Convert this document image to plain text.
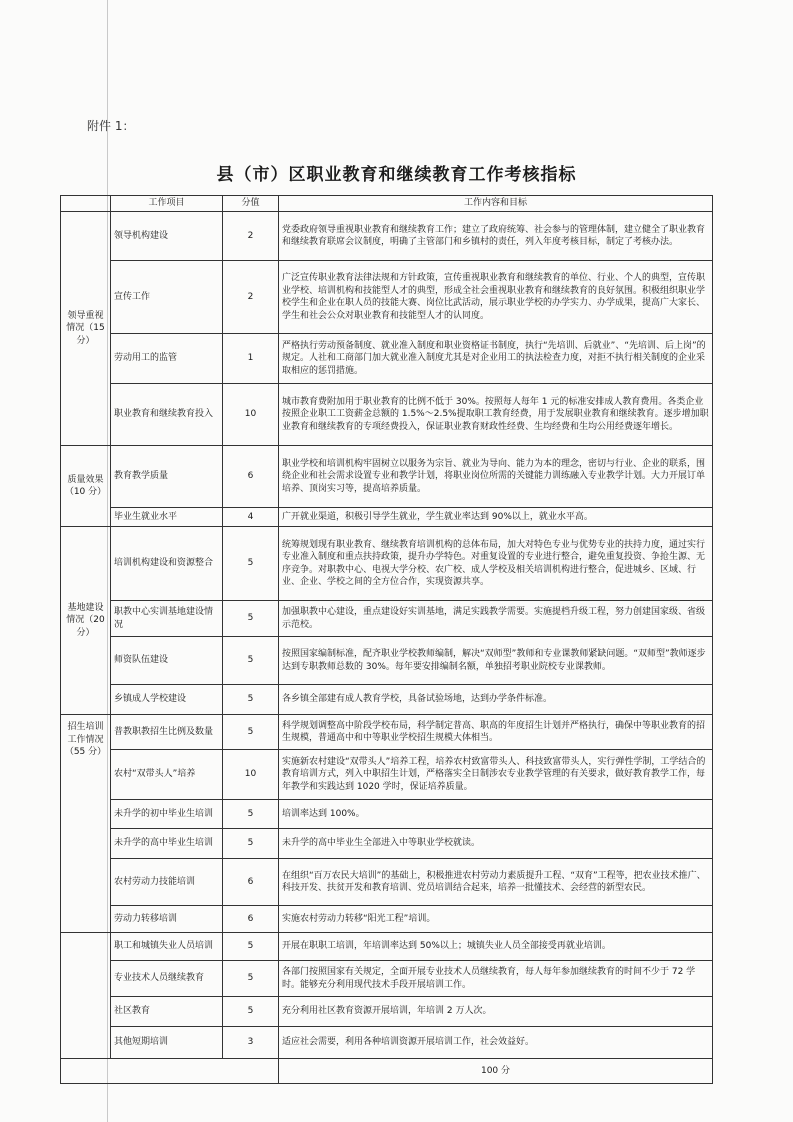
附件 1：
县（市）区职业教育和继续教育工作考核指标
	工作项目	分值	工作内容和目标
领导重视情况（15 分）	领导机构建设	2	党委政府领导重视职业教育和继续教育工作；建立了政府统筹、社会参与的管理体制，建立健全了职业教育和继续教育联席会议制度，明确了主管部门和乡镇村的责任，列入年度考核目标，制定了考核办法。
	宣传工作	2	广泛宣传职业教育法律法规和方针政策，宣传重视职业教育和继续教育的单位、行业、个人的典型，宣传职业学校、培训机构和技能型人才的典型，形成全社会重视职业教育和继续教育的良好氛围。积极组织职业学校学生和企业在职人员的技能大赛、岗位比武活动，展示职业学校的办学实力、办学成果，提高广大家长、学生和社会公众对职业教育和技能型人才的认同度。
	劳动用工的监管	1	严格执行劳动预备制度、就业准入制度和职业资格证书制度，执行“先培训、后就业”、“先培训、后上岗”的规定。人社和工商部门加大就业准入制度尤其是对企业用工的执法检查力度，对拒不执行相关制度的企业采取相应的惩罚措施。
	职业教育和继续教育投入	10	城市教育费附加用于职业教育的比例不低于 30%。按照每人每年 1 元的标准安排成人教育费用。各类企业按照企业职工工资薪金总额的 1.5%～2.5%提取职工教育经费，用于发展职业教育和继续教育。逐步增加职业教育和继续教育的专项经费投入，保证职业教育财政性经费、生均经费和生均公用经费逐年增长。
质量效果（10 分）	教育教学质量	6	职业学校和培训机构牢固树立以服务为宗旨、就业为导向、能力为本的理念，密切与行业、企业的联系，围绕企业和社会需求设置专业和教学计划，将职业岗位所需的关键能力训练融入专业教学计划。大力开展订单培养、顶岗实习等，提高培养质量。
	毕业生就业水平	4	广开就业渠道，积极引导学生就业，学生就业率达到 90%以上，就业水平高。
基地建设情况（20 分）	培训机构建设和资源整合	5	统筹规划现有职业教育、继续教育培训机构的总体布局，加大对特色专业与优势专业的扶持力度，通过实行专业准入制度和重点扶持政策，提升办学特色。对重复设置的专业进行整合，避免重复投资、争抢生源、无序竞争。对职教中心、电视大学分校、农广校、成人学校及相关培训机构进行整合，促进城乡、区域、行业、企业、学校之间的全方位合作，实现资源共享。
	职教中心实训基地建设情况	5	加强职教中心建设，重点建设好实训基地，满足实践教学需要。实施提档升级工程，努力创建国家级、省级示范校。
	师资队伍建设	5	按照国家编制标准，配齐职业学校教师编制，解决“双师型”教师和专业课教师紧缺问题。“双师型”教师逐步达到专职教师总数的 30%。每年要安排编制名额，单独招考职业院校专业课教师。
	乡镇成人学校建设	5	各乡镇全部建有成人教育学校，具备试验场地，达到办学条件标准。
招生培训工作情况（55 分）	普教职教招生比例及数量	5	科学规划调整高中阶段学校布局，科学制定普高、职高的年度招生计划并严格执行，确保中等职业教育的招生规模，普通高中和中等职业学校招生规模大体相当。
	农村“双带头人”培养	10	实施新农村建设“双带头人”培养工程，培养农村致富带头人、科技致富带头人，实行弹性学制，工学结合的教育培训方式，列入中职招生计划，严格落实全日制涉农专业教学管理的有关要求，做好教育教学工作，每年教学和实践达到 1020 学时，保证培养质量。
	未升学的初中毕业生培训	5	培训率达到 100%。
	未升学的高中毕业生培训	5	未升学的高中毕业生全部进入中等职业学校就读。
	农村劳动力技能培训	6	在组织“百万农民大培训”的基础上，积极推进农村劳动力素质提升工程、“双育”工程等，把农业技术推广、科技开发、扶贫开发和教育培训、党员培训结合起来，培养一批懂技术、会经营的新型农民。
	劳动力转移培训	6	实施农村劳动力转移“阳光工程”培训。
	职工和城镇失业人员培训	5	开展在职职工培训，年培训率达到 50%以上；城镇失业人员全部接受再就业培训。
	专业技术人员继续教育	5	各部门按照国家有关规定，全面开展专业技术人员继续教育，每人每年参加继续教育的时间不少于 72 学时。能够充分利用现代技术手段开展培训工作。
	社区教育	5	充分利用社区教育资源开展培训，年培训 2 万人次。
	其他短期培训	3	适应社会需要，利用各种培训资源开展培训工作，社会效益好。
			100 分
